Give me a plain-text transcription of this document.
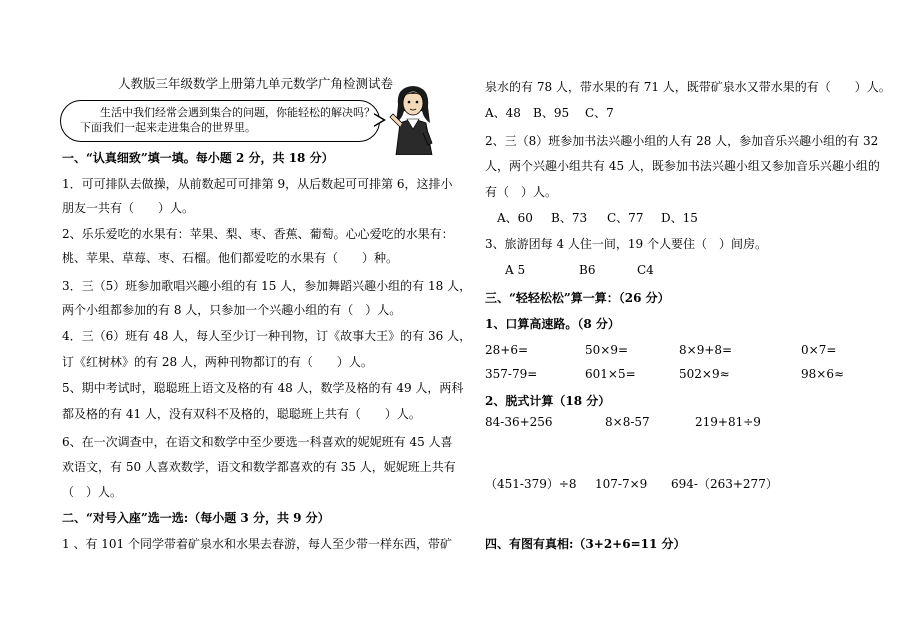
人教版三年级数学上册第九单元数学广角检测试卷
生活中我们经常会遇到集合的问题，你能轻松的解决吗？
下面我们一起来走进集合的世界里。
一、“认真细致”填一填。每小题 2 分，共 18 分）
1．可可排队去做操，从前数起可可排第 9，从后数起可可排第 6，这排小
朋友一共有（　　）人。
2、乐乐爱吃的水果有：苹果、梨、枣、香蕉、葡萄。心心爱吃的水果有：
桃、苹果、草莓、枣、石榴。他们都爱吃的水果有（　　）种。
3．三（5）班参加歌唱兴趣小组的有 15 人，参加舞蹈兴趣小组的有 18 人，
两个小组都参加的有 8 人，只参加一个兴趣小组的有（　）人。
4．三（6）班有 48 人，每人至少订一种刊物，订《故事大王》的有 36 人，
订《红树林》的有 28 人，两种刊物都订的有（　　）人。
5、期中考试时，聪聪班上语文及格的有 48 人，数学及格的有 49 人，两科
都及格的有 41 人，没有双科不及格的，聪聪班上共有（　　）人。
6、在一次调查中，在语文和数学中至少要选一科喜欢的妮妮班有 45 人喜
欢语文，有 50 人喜欢数学，语文和数学都喜欢的有 35 人，妮妮班上共有
（　）人。
二、“对号入座”选一选:（每小题 3 分，共 9 分）
1 、有 101 个同学带着矿泉水和水果去春游，每人至少带一样东西，带矿
泉水的有 78 人，带水果的有 71 人，既带矿泉水又带水果的有（　　）人。
A、48 B、95 C、7
2、三（8）班参加书法兴趣小组的人有 28 人，参加音乐兴趣小组的有 32
人，两个兴趣小组共有 45 人，既参加书法兴趣小组又参加音乐兴趣小组的
有（　）人。
A、60 B、73 C、77 D、15
3、旅游团每 4 人住一间，19 个人要住（　）间房。
A 5	B6	C4
三、“轻轻松松”算一算：（26 分）
1、口算高速路。（8 分）
28+6=	50×9=	8×9+8=	0×7=
357-79=	601×5=	502×9≈	98×6≈
2、脱式计算（18 分）
84-36+256	8×8-57	219+81÷9
（451-379）÷8 107-7×9 694-（263+277）
四、有图有真相:（3+2+6=11 分）
